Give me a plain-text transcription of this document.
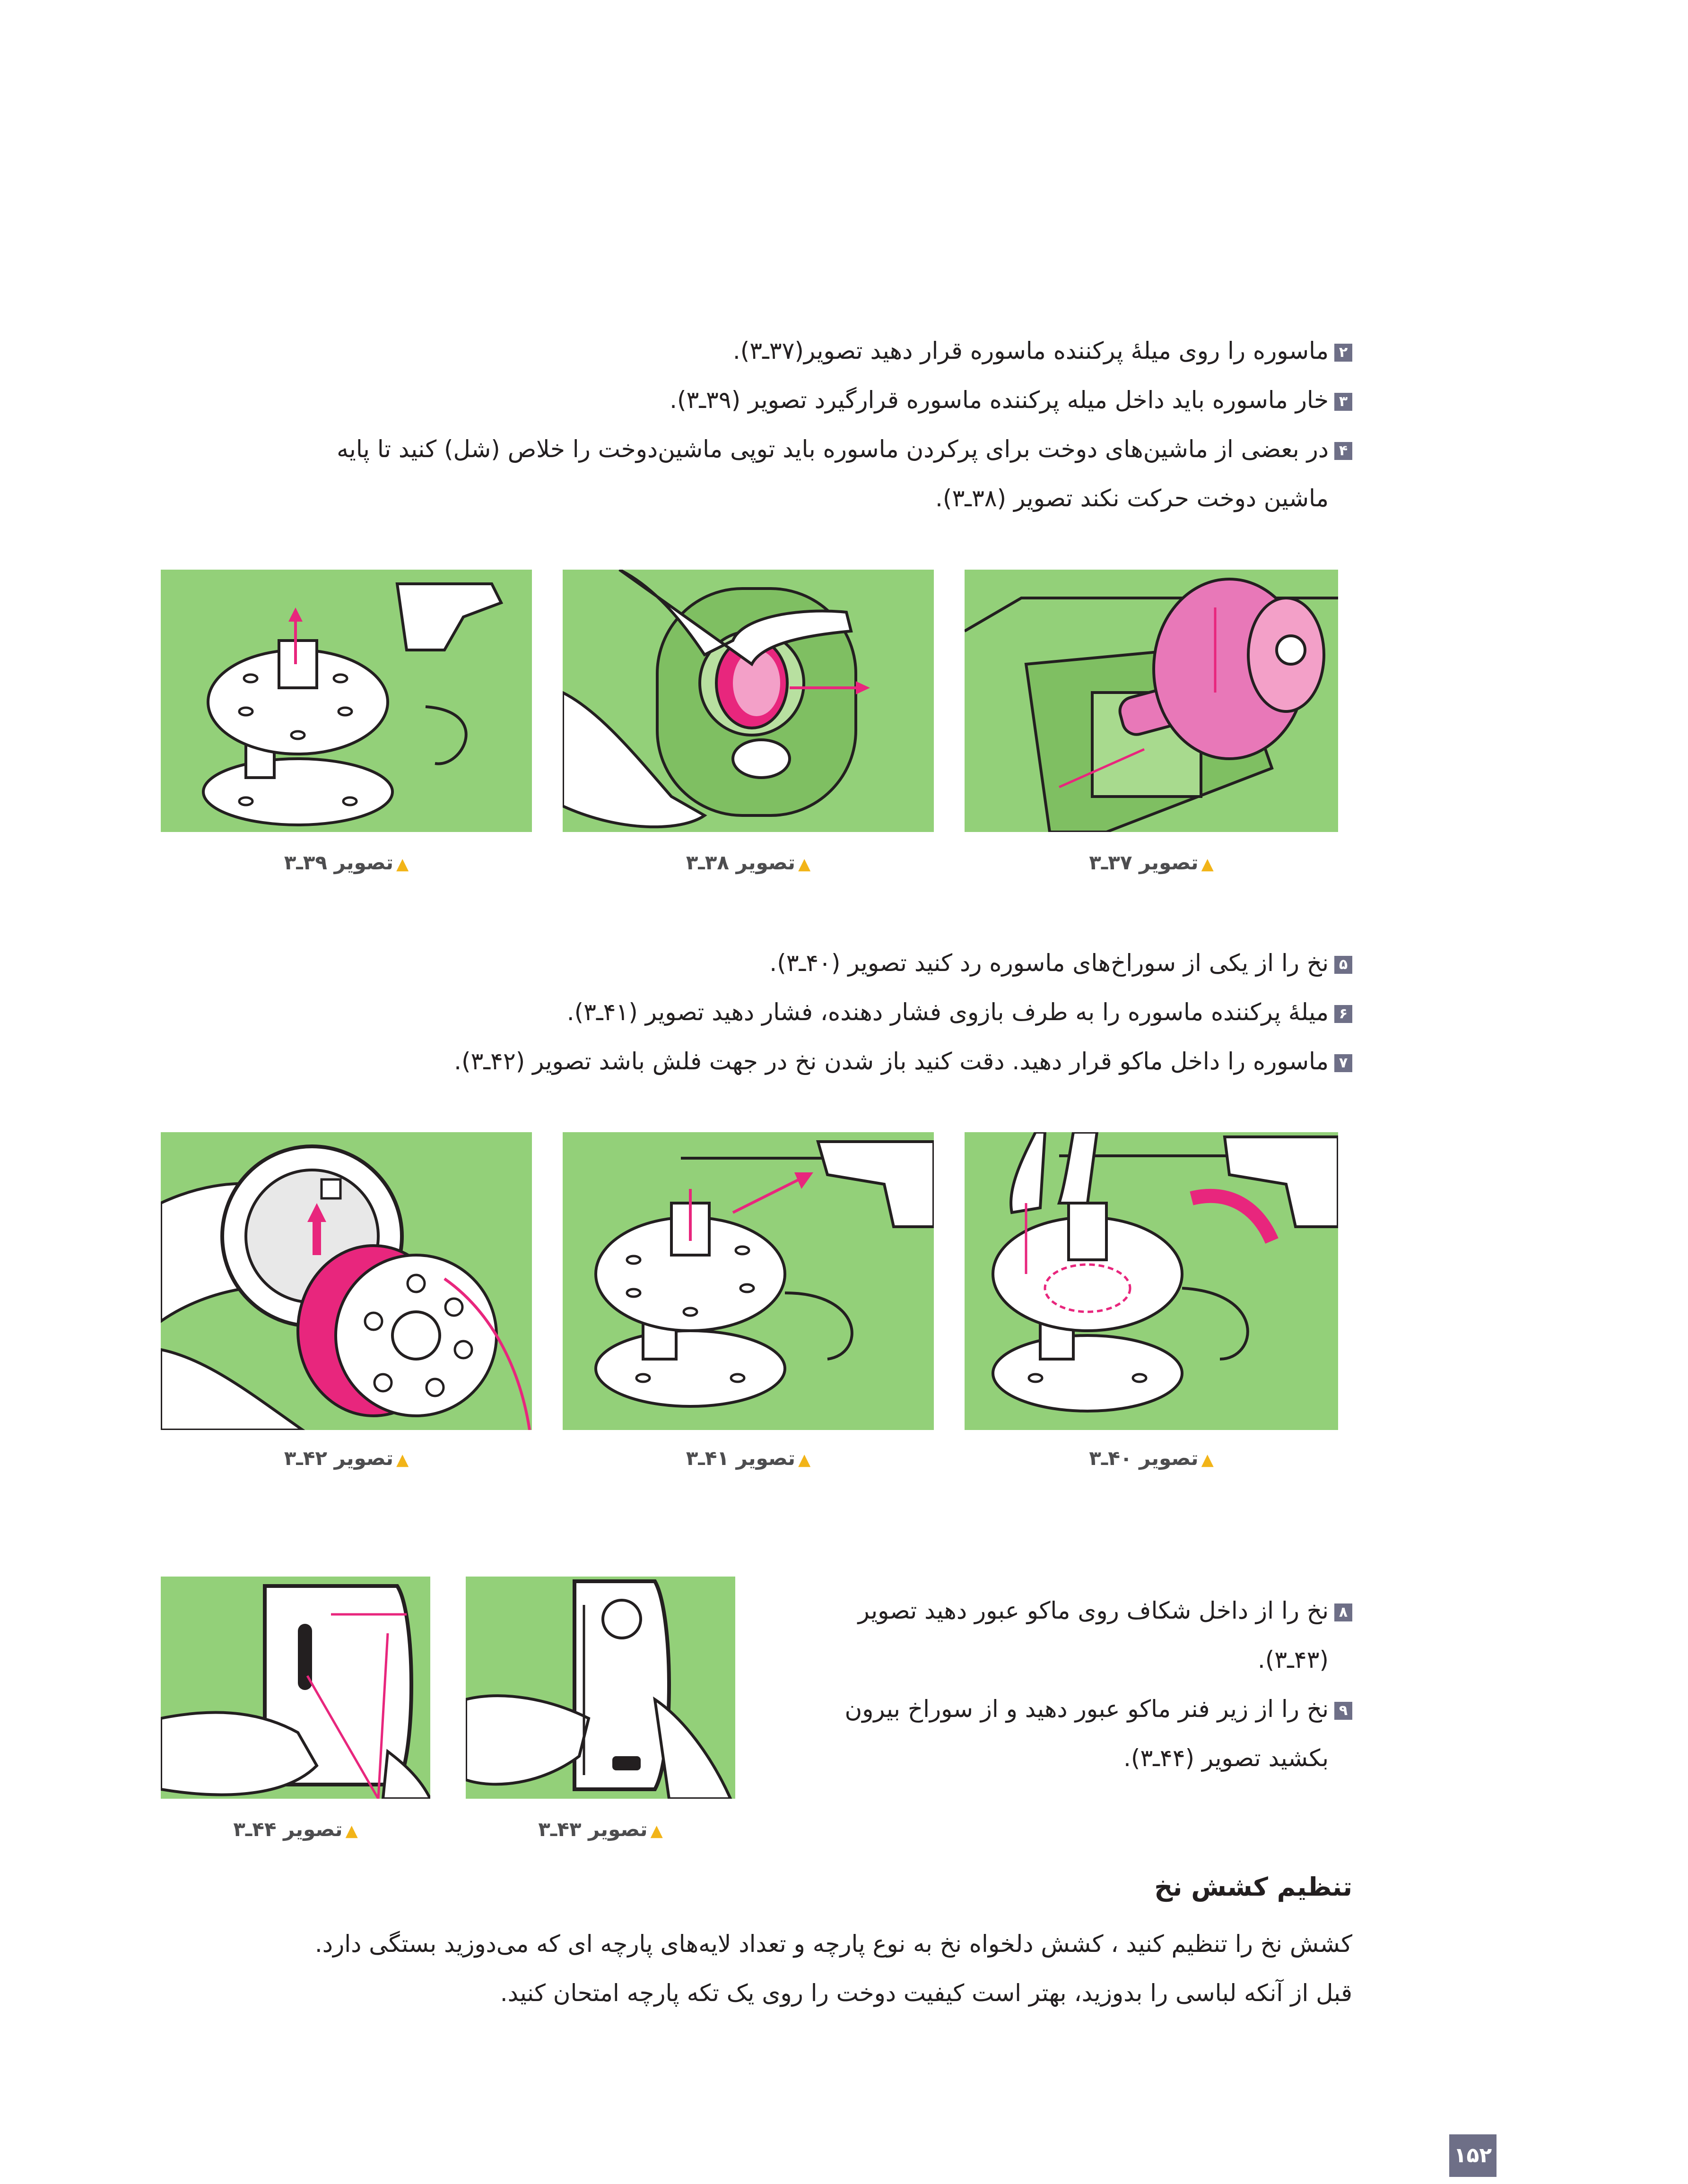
۲ماسوره را روی میلهٔ پرکننده ماسوره قرار دهید تصویر(۳۷ـ۳).
۳خار ماسوره باید داخل میله پرکننده ماسوره قرارگیرد تصویر (۳۹ـ۳).
۴در بعضی از ماشین‌های دوخت برای پرکردن ماسوره باید توپی ماشین‌دوخت را خلاص (شل) کنید تا پایه
ماشین دوخت حرکت نکند تصویر (۳۸ـ۳).
▲تصویر ۳۹ـ۳	▲تصویر ۳۸ـ۳	▲تصویر ۳۷ـ۳
۵نخ را از یکی از سوراخ‌های ماسوره رد کنید تصویر (۴۰ـ۳).
۶میلهٔ پرکننده ماسوره را به طرف بازوی فشار دهنده، فشار دهید تصویر (۴۱ـ۳).
۷ماسوره را داخل ماکو قرار دهید. دقت کنید باز شدن نخ در جهت فلش باشد تصویر (۴۲ـ۳).
▲تصویر ۴۲ـ۳	▲تصویر ۴۱ـ۳	▲تصویر ۴۰ـ۳
▲تصویر ۴۴ـ۳	▲تصویر ۴۳ـ۳
۸نخ را از داخل شکاف روی ماکو عبور دهید تصویر
(۴۳ـ۳).
۹نخ را از زیر فنر ماکو عبور دهید و از سوراخ بیرون
بکشید تصویر (۴۴ـ۳).
تنظیم کشش نخ
کشش نخ را تنظیم کنید ، کشش دلخواه نخ به نوع پارچه و تعداد لایه‌های پارچه ای که می‌دوزید بستگی دارد.
قبل از آنکه لباسی را بدوزید، بهتر است کیفیت دوخت را روی یک تکه پارچه امتحان کنید.
۱۵۲
